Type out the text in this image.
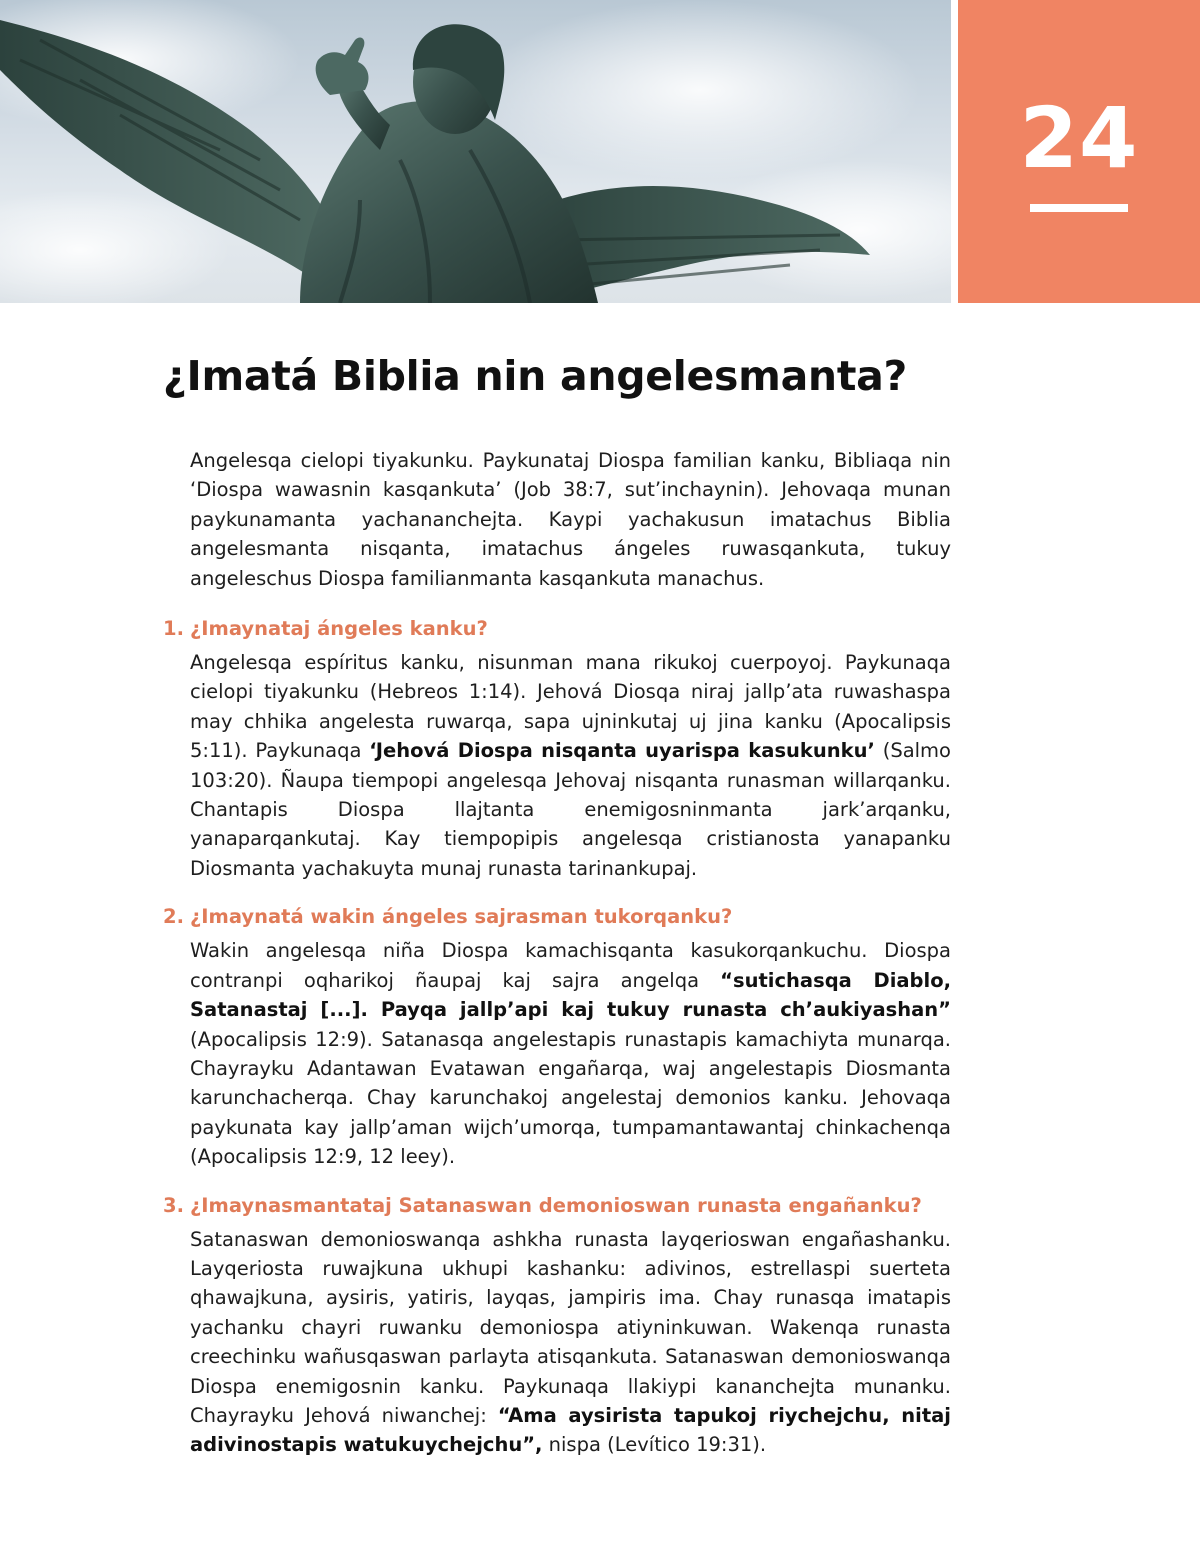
24
¿Imatá Biblia nin angelesmanta?

Angelesqa cielopi tiyakunku. Paykunataj Diospa familian kanku, Bibliaqa nin ‘Diospa wawasnin kasqankuta’ (Job 38:7, sut’inchaynin). Jehovaqa munan paykunamanta yachananchejta. Kaypi yachakusun imatachus Biblia angelesmanta nisqanta, imatachus ángeles ruwasqankuta, tukuy angeleschus Diospa familianmanta kasqankuta manachus.

1. ¿Imaynataj ángeles kanku?

Angelesqa espíritus kanku, nisunman mana rikukoj cuerpoyoj. Paykunaqa cielopi tiyakunku (Hebreos 1:14). Jehová Diosqa niraj jallp’ata ruwashaspa may chhika angelesta ruwarqa, sapa ujninkutaj uj jina kanku (Apocalipsis 5:11). Paykunaqa ‘Jehová Diospa nisqanta uyarispa kasukunku’ (Salmo 103:20). Ñaupa tiempopi angelesqa Jehovaj nisqanta runasman willarqanku. Chantapis Diospa llajtanta enemigosninmanta jark’arqanku, yanaparqankutaj. Kay tiempopipis angelesqa cristianosta yanapanku Diosmanta yachakuyta munaj runasta tarinankupaj.

2. ¿Imaynatá wakin ángeles sajrasman tukorqanku?

Wakin angelesqa niña Diospa kamachisqanta kasukorqankuchu. Diospa contranpi oqharikoj ñaupaj kaj sajra angelqa “sutichasqa Diablo, Satanastaj [...]. Payqa jallp’api kaj tukuy runasta ch’aukiyashan” (Apocalipsis 12:9). Satanasqa angelestapis runastapis kamachiyta munarqa. Chayrayku Adantawan Evatawan engañarqa, waj angelestapis Diosmanta karunchacherqa. Chay karunchakoj angelestaj demonios kanku. Jehovaqa paykunata kay jallp’aman wijch’umorqa, tumpamantawantaj chinkachenqa (Apocalipsis 12:9, 12 leey).

3. ¿Imaynasmantataj Satanaswan demonioswan runasta engañanku?

Satanaswan demonioswanqa ashkha runasta layqerioswan engañashanku. Layqeriosta ruwajkuna ukhupi kashanku: adivinos, estrellaspi suerteta qhawajkuna, aysiris, yatiris, layqas, jampiris ima. Chay runasqa imatapis yachanku chayri ruwanku demoniospa atiyninkuwan. Wakenqa runasta creechinku wañusqaswan parlayta atisqankuta. Satanaswan demonioswanqa Diospa enemigosnin kanku. Paykunaqa llakiypi kananchejta munanku. Chayrayku Jehová niwanchej: “Ama aysirista tapukoj riychejchu, nitaj adivinostapis watukuychejchu”, nispa (Levítico 19:31).
